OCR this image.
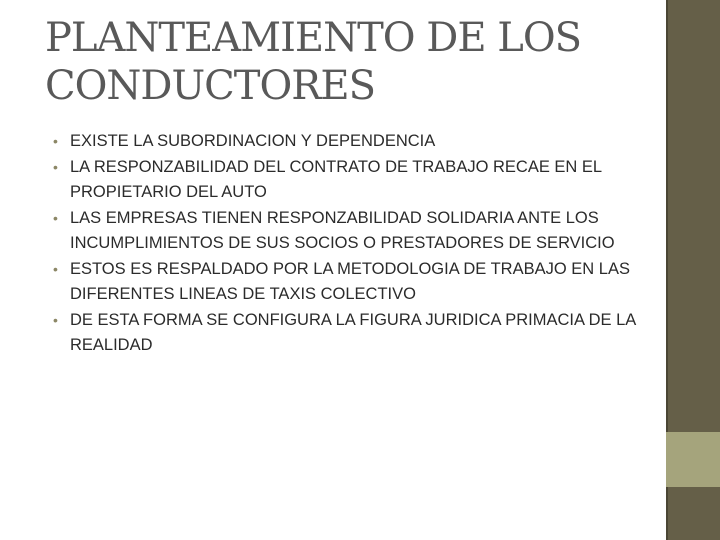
PLANTEAMIENTO DE LOS
CONDUCTORES
• EXISTE LA SUBORDINACION Y DEPENDENCIA
• LA RESPONZABILIDAD DEL CONTRATO DE TRABAJO RECAE EN EL PROPIETARIO DEL AUTO
• LAS EMPRESAS TIENEN RESPONZABILIDAD SOLIDARIA ANTE LOS INCUMPLIMIENTOS DE SUS SOCIOS O PRESTADORES DE SERVICIO
• ESTOS ES RESPALDADO POR LA METODOLOGIA DE TRABAJO EN LAS DIFERENTES LINEAS DE TAXIS COLECTIVO
• DE ESTA FORMA SE CONFIGURA LA FIGURA JURIDICA PRIMACIA DE LA REALIDAD
